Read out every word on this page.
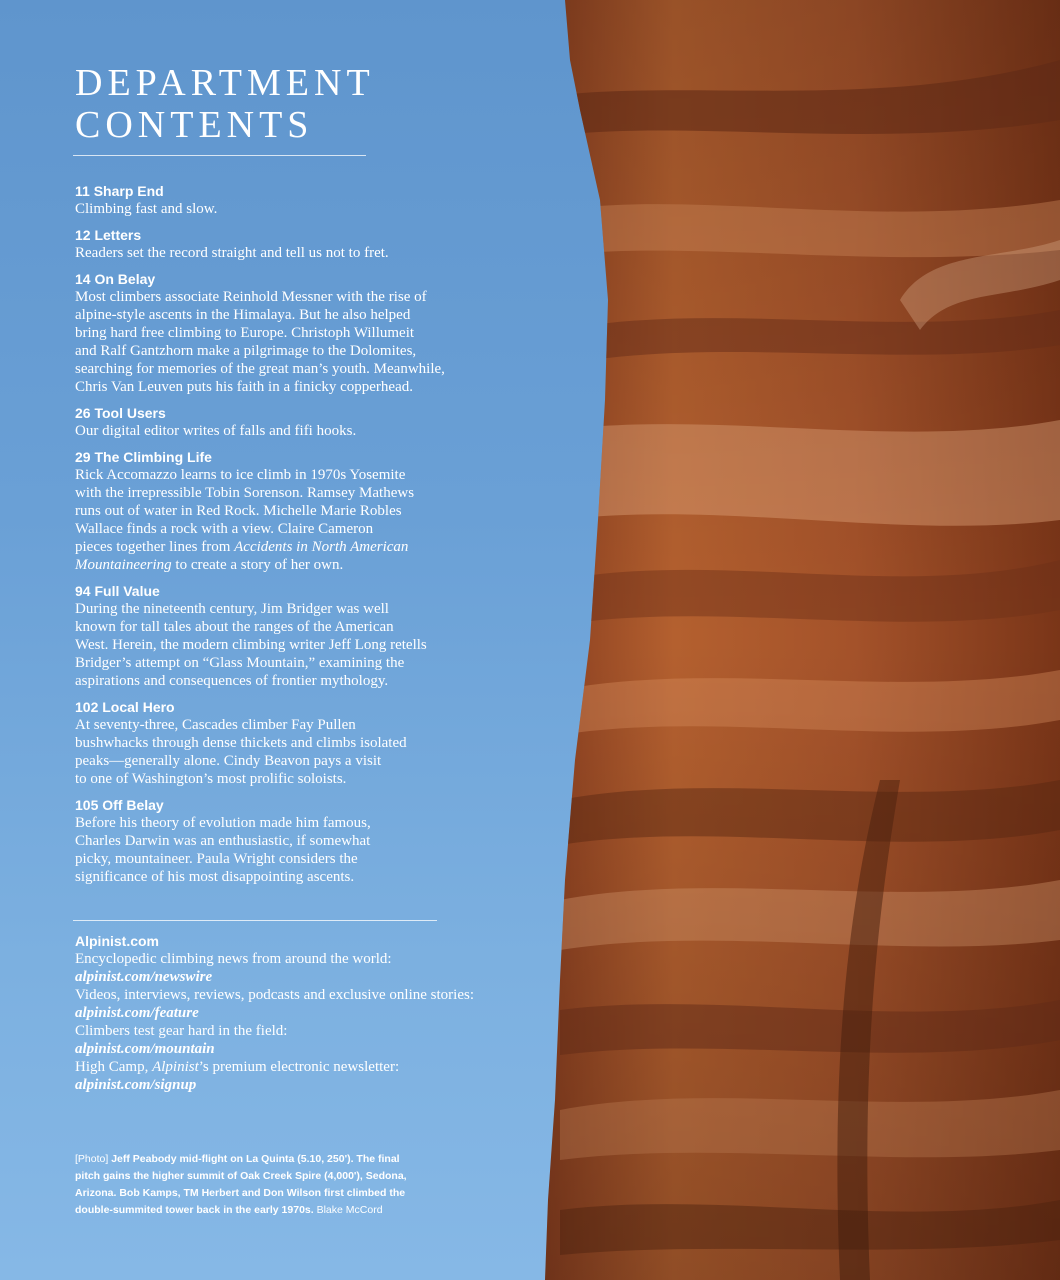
DEPARTMENT
CONTENTS
11 Sharp End
Climbing fast and slow.
12 Letters
Readers set the record straight and tell us not to fret.
14 On Belay
Most climbers associate Reinhold Messner with the rise of
alpine-style ascents in the Himalaya. But he also helped
bring hard free climbing to Europe. Christoph Willumeit
and Ralf Gantzhorn make a pilgrimage to the Dolomites,
searching for memories of the great man’s youth. Meanwhile,
Chris Van Leuven puts his faith in a finicky copperhead.
26 Tool Users
Our digital editor writes of falls and fifi hooks.
29 The Climbing Life
Rick Accomazzo learns to ice climb in 1970s Yosemite
with the irrepressible Tobin Sorenson. Ramsey Mathews
runs out of water in Red Rock. Michelle Marie Robles
Wallace finds a rock with a view. Claire Cameron
pieces together lines from Accidents in North American
Mountaineering to create a story of her own.
94 Full Value
During the nineteenth century, Jim Bridger was well
known for tall tales about the ranges of the American
West. Herein, the modern climbing writer Jeff Long retells
Bridger’s attempt on “Glass Mountain,” examining the
aspirations and consequences of frontier mythology.
102 Local Hero
At seventy-three, Cascades climber Fay Pullen
bushwhacks through dense thickets and climbs isolated
peaks—generally alone. Cindy Beavon pays a visit
to one of Washington’s most prolific soloists.
105 Off Belay
Before his theory of evolution made him famous,
Charles Darwin was an enthusiastic, if somewhat
picky, mountaineer. Paula Wright considers the
significance of his most disappointing ascents.
Alpinist.com
Encyclopedic climbing news from around the world:
alpinist.com/newswire
Videos, interviews, reviews, podcasts and exclusive online stories:
alpinist.com/feature
Climbers test gear hard in the field:
alpinist.com/mountain
High Camp, Alpinist’s premium electronic newsletter:
alpinist.com/signup
[Photo] Jeff Peabody mid-flight on La Quinta (5.10, 250'). The final pitch gains the higher summit of Oak Creek Spire (4,000'), Sedona, Arizona. Bob Kamps, TM Herbert and Don Wilson first climbed the double-summited tower back in the early 1970s. Blake McCord
